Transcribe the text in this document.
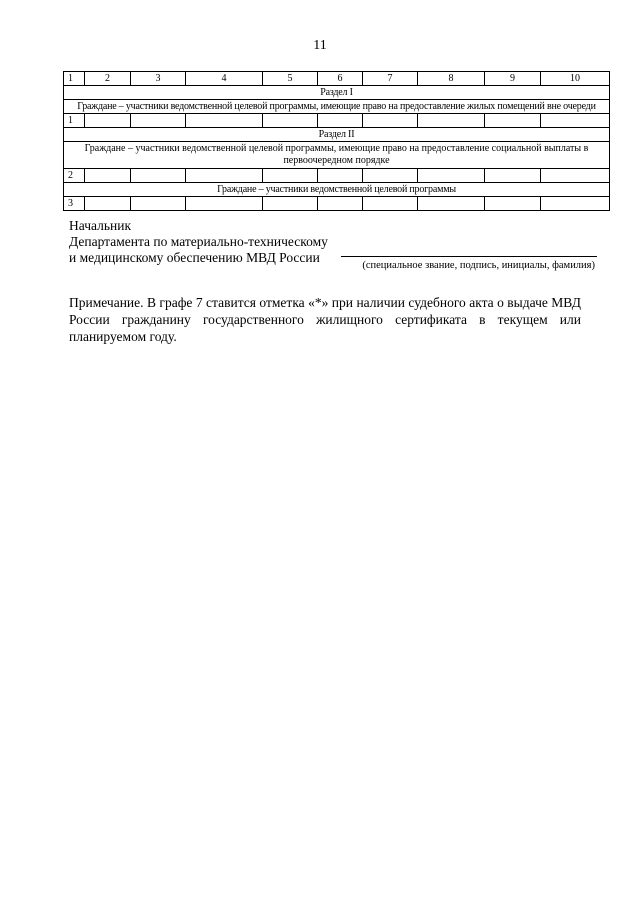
11
1	2	3	4	5	6	7	8	9	10
Раздел I									
Граждане – участники ведомственной целевой программы, имеющие право на предоставление жилых помещений вне очереди									
1									
Раздел II									
Граждане – участники ведомственной целевой программы, имеющие право на предоставление социальной выплаты в первоочередном порядке									
2									
Граждане – участники ведомственной целевой программы									
3									
Начальник
Департамента по материально-техническому
и медицинскому обеспечению МВД России
(специальное звание, подпись, инициалы, фамилия)
Примечание. В графе 7 ставится отметка «*» при наличии судебного акта о выдаче МВД России гражданину государственного жилищного сертификата в текущем или планируемом году.
